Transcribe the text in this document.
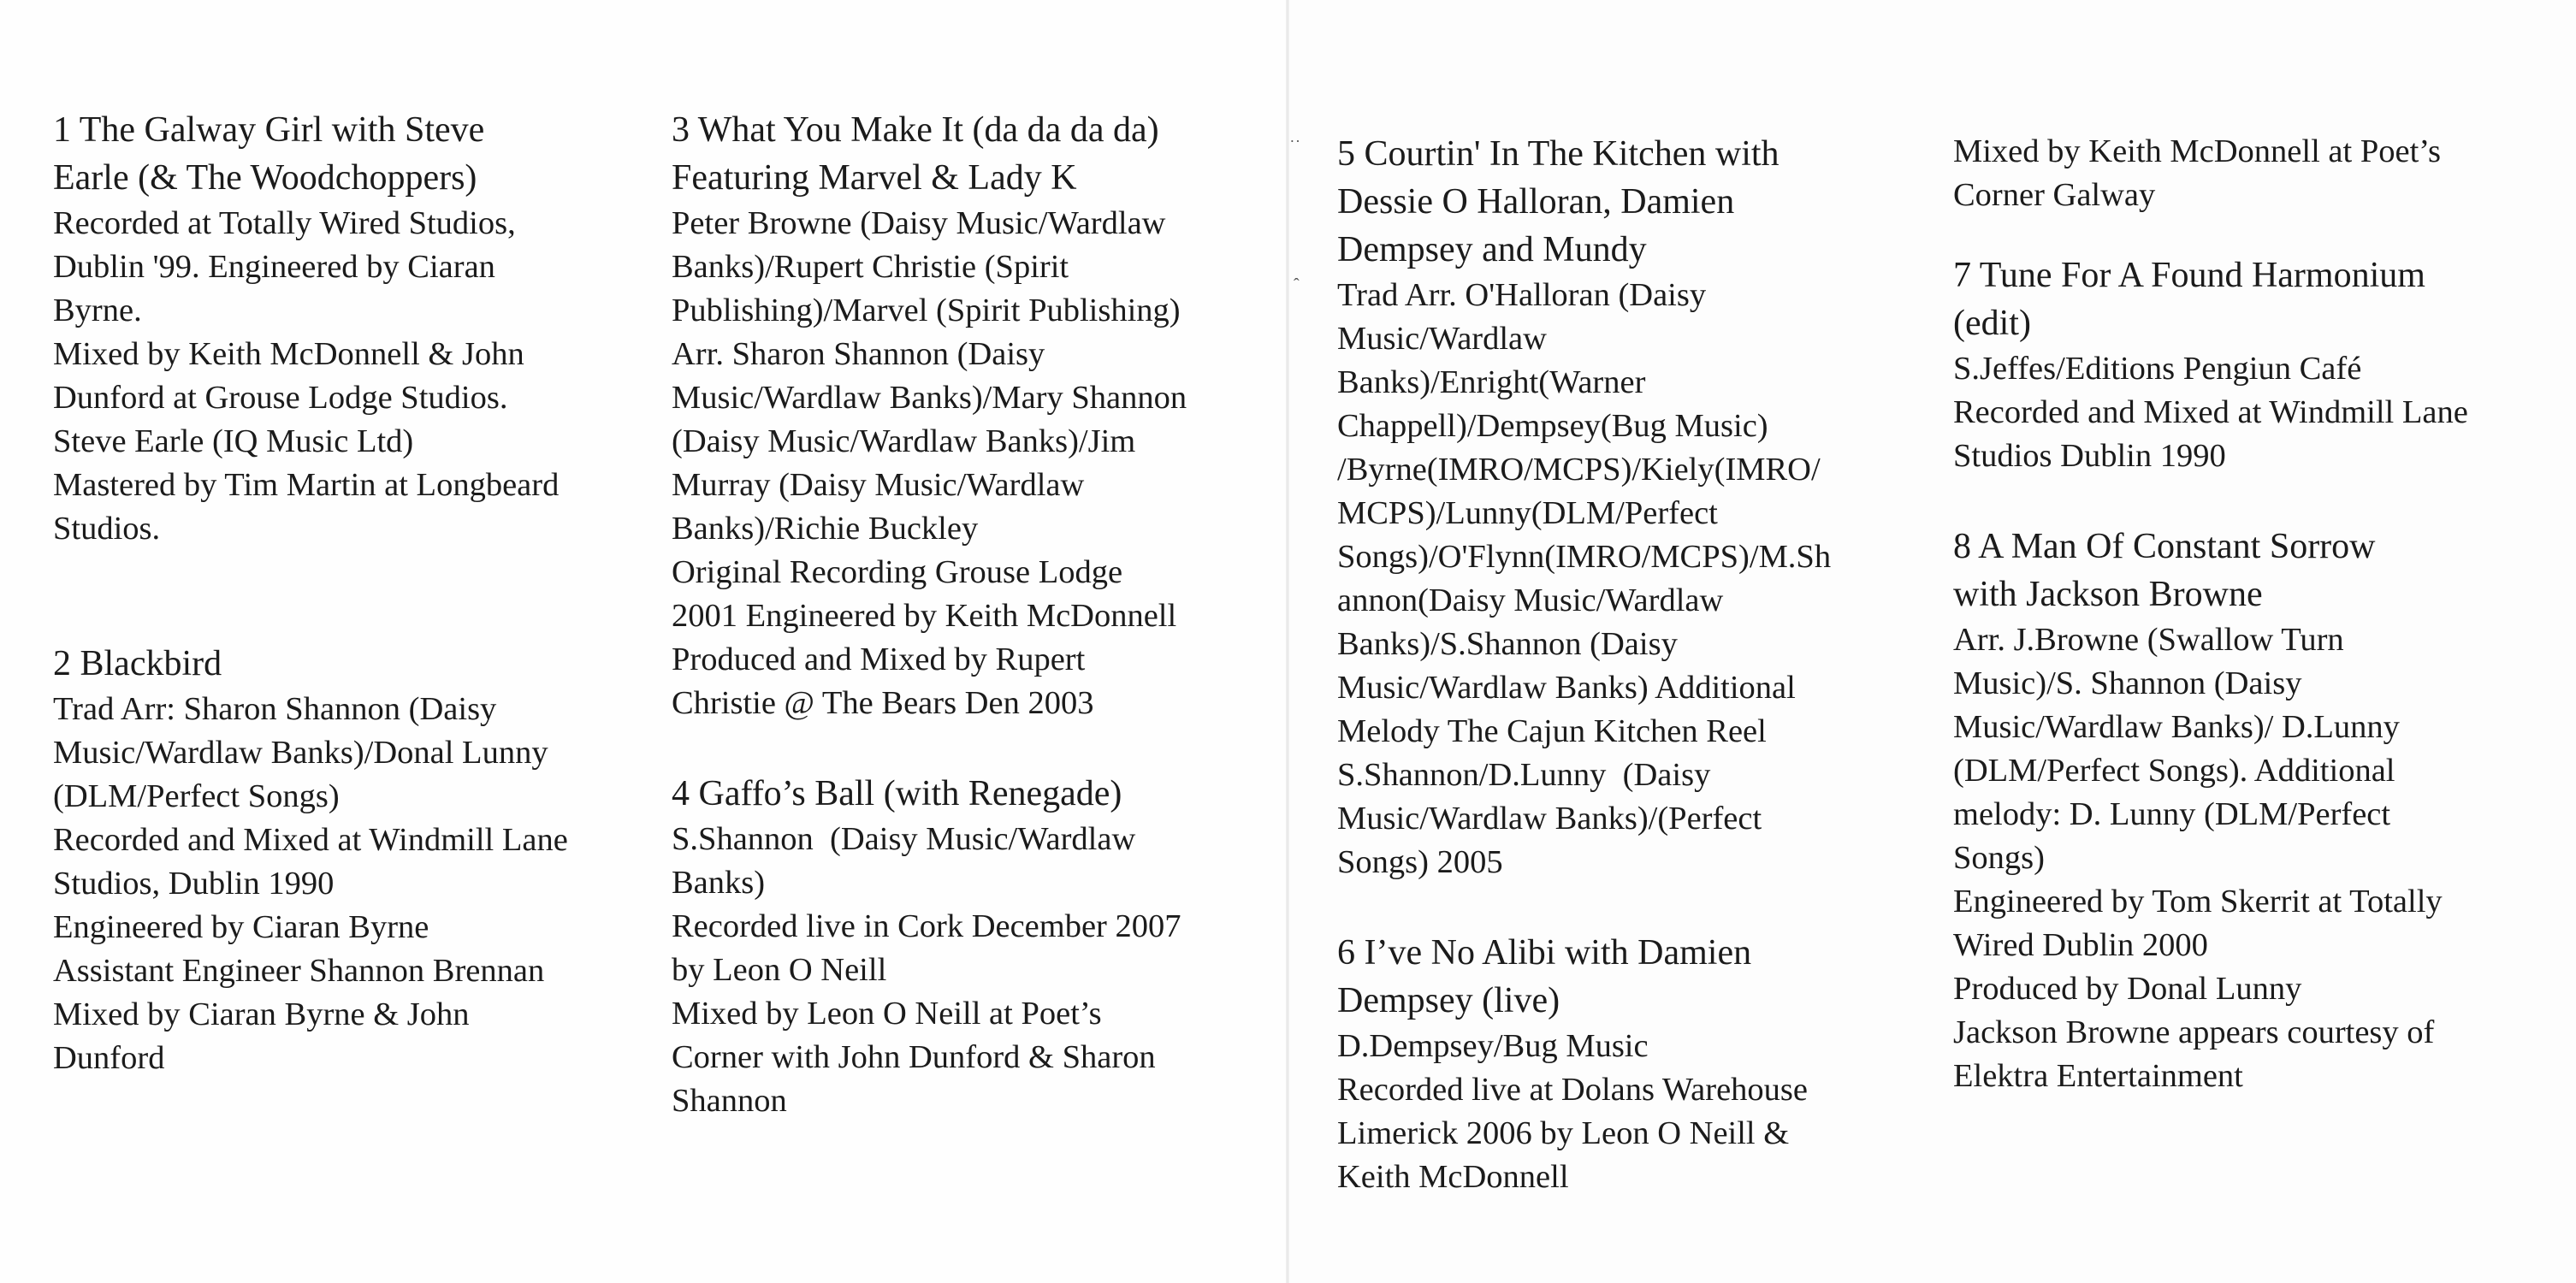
˙˙
ˆ
1 The Galway Girl with Steve
Earle (& The Woodchoppers)
Recorded at Totally Wired Studios,
Dublin '99. Engineered by Ciaran
Byrne.
Mixed by Keith McDonnell & John
Dunford at Grouse Lodge Studios.
Steve Earle (IQ Music Ltd)
Mastered by Tim Martin at Longbeard
Studios.
2 Blackbird
Trad Arr: Sharon Shannon (Daisy
Music/Wardlaw Banks)/Donal Lunny
(DLM/Perfect Songs)
Recorded and Mixed at Windmill Lane
Studios, Dublin 1990
Engineered by Ciaran Byrne
Assistant Engineer Shannon Brennan
Mixed by Ciaran Byrne & John
Dunford
3 What You Make It (da da da da)
Featuring Marvel & Lady K
Peter Browne (Daisy Music/Wardlaw
Banks)/Rupert Christie (Spirit
Publishing)/Marvel (Spirit Publishing)
Arr. Sharon Shannon (Daisy
Music/Wardlaw Banks)/Mary Shannon
(Daisy Music/Wardlaw Banks)/Jim
Murray (Daisy Music/Wardlaw
Banks)/Richie Buckley
Original Recording Grouse Lodge
2001 Engineered by Keith McDonnell
Produced and Mixed by Rupert
Christie @ The Bears Den 2003
4 Gaffo’s Ball (with Renegade)
S.Shannon  (Daisy Music/Wardlaw
Banks)
Recorded live in Cork December 2007
by Leon O Neill
Mixed by Leon O Neill at Poet’s
Corner with John Dunford & Sharon
Shannon
5 Courtin' In The Kitchen with
Dessie O Halloran, Damien
Dempsey and Mundy
Trad Arr. O'Halloran (Daisy
Music/Wardlaw
Banks)/Enright(Warner
Chappell)/Dempsey(Bug Music)
/Byrne(IMRO/MCPS)/Kiely(IMRO/
MCPS)/Lunny(DLM/Perfect
Songs)/O'Flynn(IMRO/MCPS)/M.Sh
annon(Daisy Music/Wardlaw
Banks)/S.Shannon (Daisy
Music/Wardlaw Banks) Additional
Melody The Cajun Kitchen Reel
S.Shannon/D.Lunny  (Daisy
Music/Wardlaw Banks)/(Perfect
Songs) 2005
6 I’ve No Alibi with Damien
Dempsey (live)
D.Dempsey/Bug Music
Recorded live at Dolans Warehouse
Limerick 2006 by Leon O Neill &
Keith McDonnell
Mixed by Keith McDonnell at Poet’s
Corner Galway
7 Tune For A Found Harmonium
(edit)
S.Jeffes/Editions Pengiun Café
Recorded and Mixed at Windmill Lane
Studios Dublin 1990
8 A Man Of Constant Sorrow
with Jackson Browne
Arr. J.Browne (Swallow Turn
Music)/S. Shannon (Daisy
Music/Wardlaw Banks)/ D.Lunny
(DLM/Perfect Songs). Additional
melody: D. Lunny (DLM/Perfect
Songs)
Engineered by Tom Skerrit at Totally
Wired Dublin 2000
Produced by Donal Lunny
Jackson Browne appears courtesy of
Elektra Entertainment
